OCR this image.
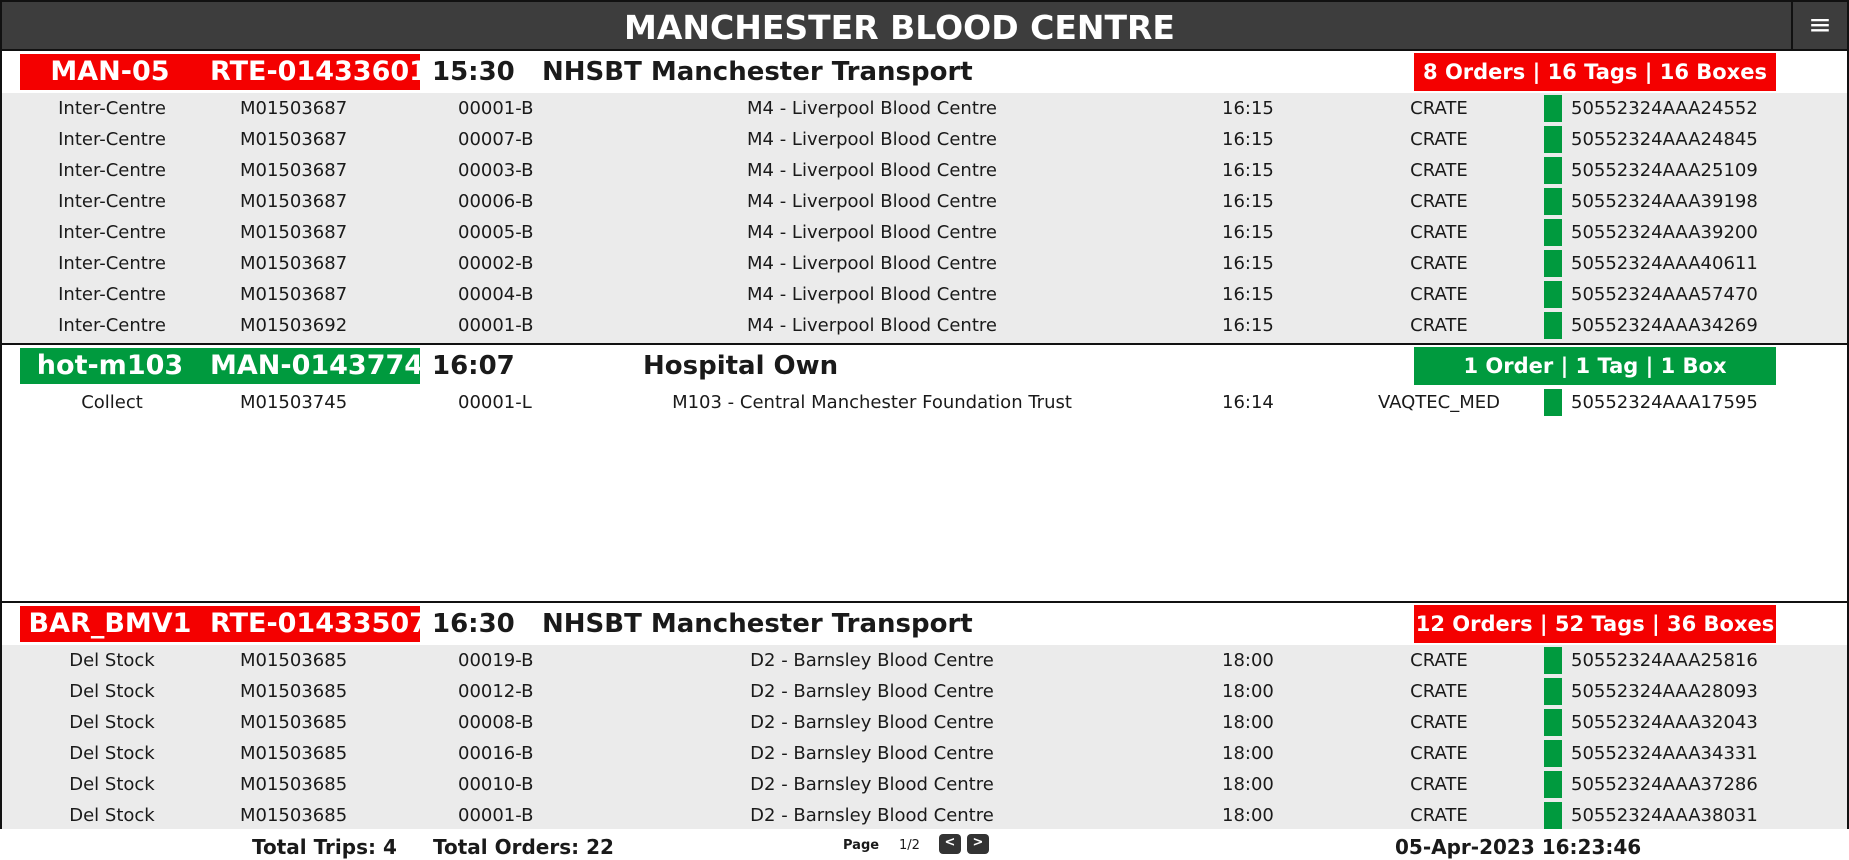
MANCHESTER BLOOD CENTRE	≡
MAN-05	RTE-01433601 15:30 NHSBT Manchester Transport	8 Orders | 16 Tags | 16 Boxes
Inter-Centre	M01503687	00001-B	M4 - Liverpool Blood Centre	16:15	CRATE	50552324AAA24552
Inter-Centre	M01503687	00007-B	M4 - Liverpool Blood Centre	16:15	CRATE	50552324AAA24845
Inter-Centre	M01503687	00003-B	M4 - Liverpool Blood Centre	16:15	CRATE	50552324AAA25109
Inter-Centre	M01503687	00006-B	M4 - Liverpool Blood Centre	16:15	CRATE	50552324AAA39198
Inter-Centre	M01503687	00005-B	M4 - Liverpool Blood Centre	16:15	CRATE	50552324AAA39200
Inter-Centre	M01503687	00002-B	M4 - Liverpool Blood Centre	16:15	CRATE	50552324AAA40611
Inter-Centre	M01503687	00004-B	M4 - Liverpool Blood Centre	16:15	CRATE	50552324AAA57470
Inter-Centre	M01503692	00001-B	M4 - Liverpool Blood Centre	16:15	CRATE	50552324AAA34269
hot-m103 MAN-01437747
16:07	Hospital Own	1 Order | 1 Tag | 1 Box
Collect	M01503745	00001-L	M103 - Central Manchester Foundation Trust	16:14	VAQTEC_MED	50552324AAA17595
BAR_BMV1 RTE-01433507 16:30 NHSBT Manchester Transport	12 Orders | 52 Tags | 36 Boxes
Del Stock	M01503685	00019-B	D2 - Barnsley Blood Centre	18:00	CRATE	50552324AAA25816
Del Stock	M01503685	00012-B	D2 - Barnsley Blood Centre	18:00	CRATE	50552324AAA28093
Del Stock	M01503685	00008-B	D2 - Barnsley Blood Centre	18:00	CRATE	50552324AAA32043
Del Stock	M01503685	00016-B	D2 - Barnsley Blood Centre	18:00	CRATE	50552324AAA34331
Del Stock	M01503685	00010-B	D2 - Barnsley Blood Centre	18:00	CRATE	50552324AAA37286
Del Stock	M01503685	00001-B	D2 - Barnsley Blood Centre	18:00	CRATE	50552324AAA38031
Total Trips: 4 Total Orders: 22	Page 1/2	<	>	05-Apr-2023 16:23:46
